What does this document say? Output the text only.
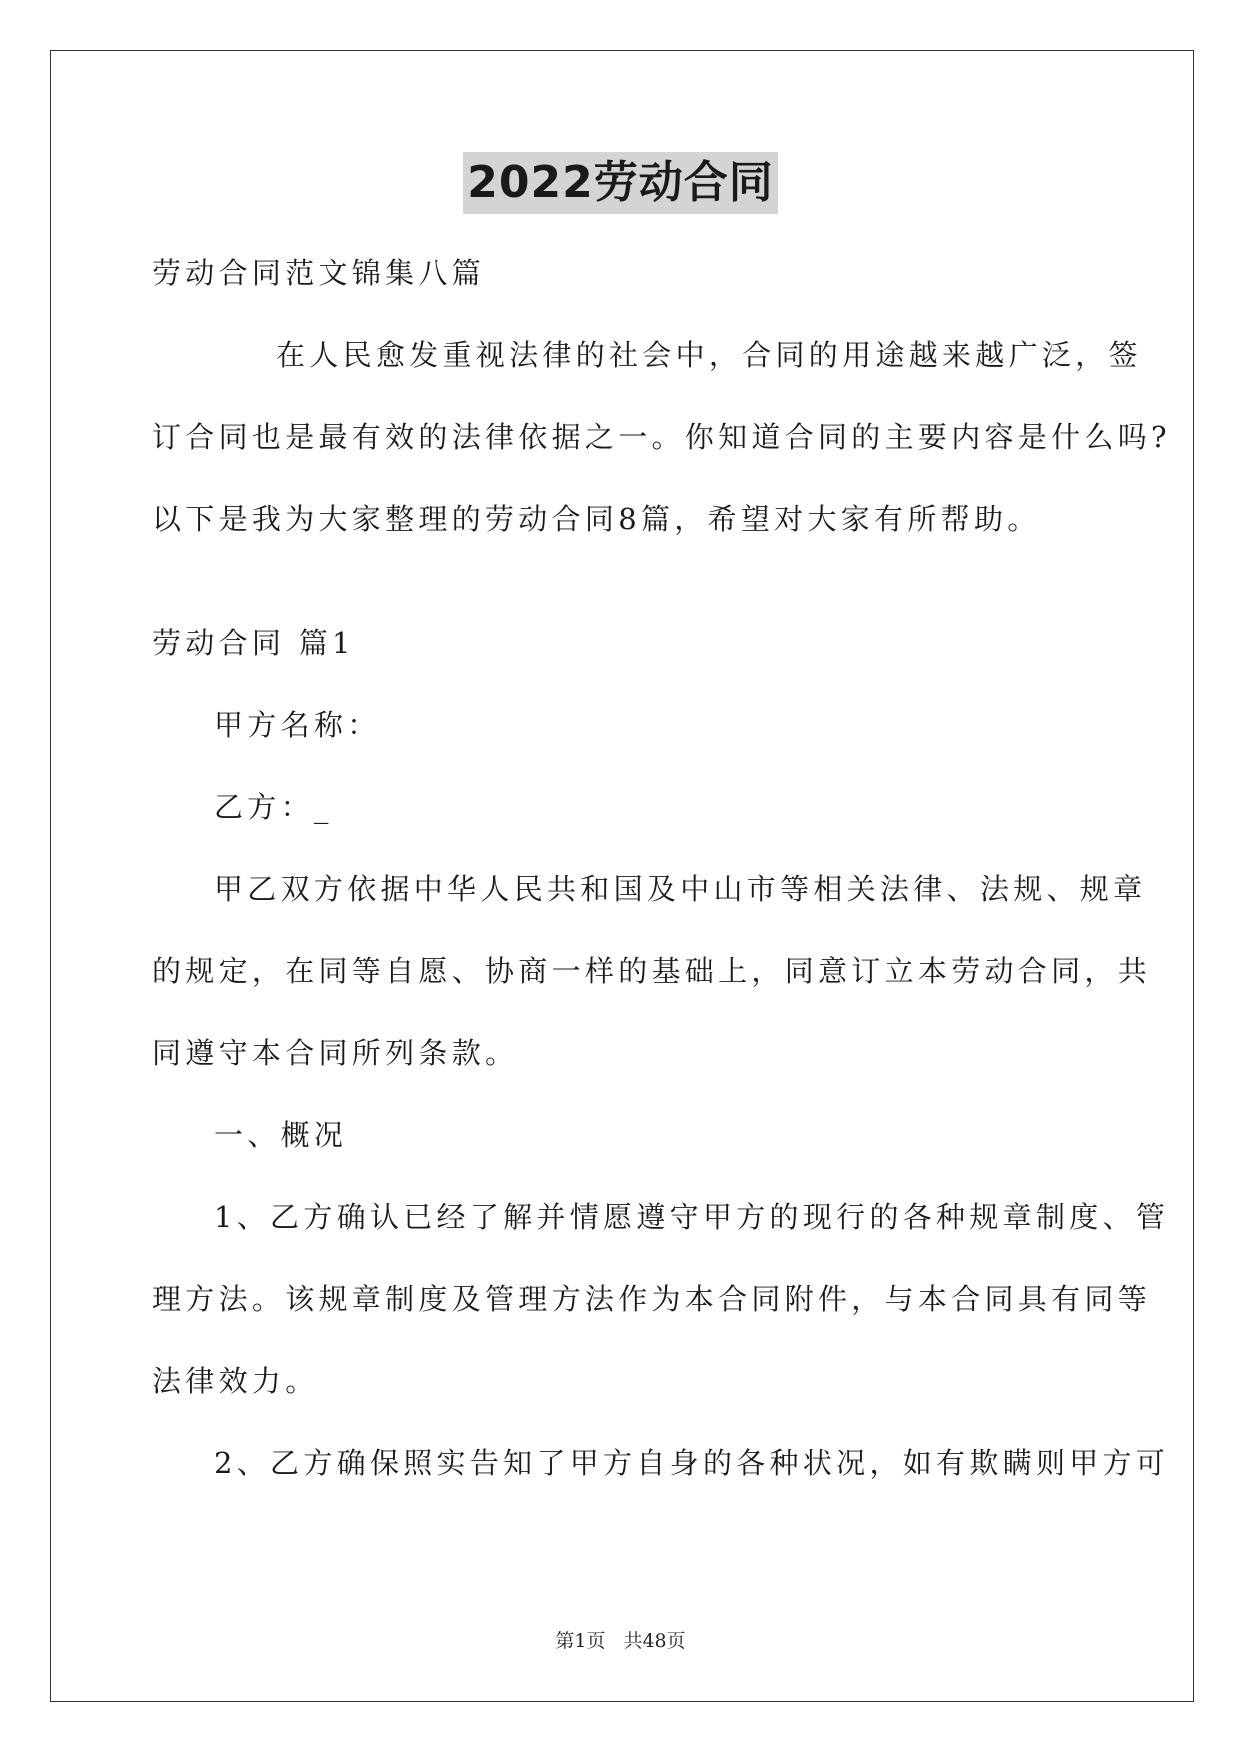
2022劳动合同

劳动合同范文锦集八篇

在人民愈发重视法律的社会中，合同的用途越来越广泛，签

订合同也是最有效的法律依据之一。你知道合同的主要内容是什么吗?

以下是我为大家整理的劳动合同8篇，希望对大家有所帮助。

劳动合同 篇1

甲方名称：

乙方：_

甲乙双方依据中华人民共和国及中山市等相关法律、法规、规章

的规定，在同等自愿、协商一样的基础上，同意订立本劳动合同，共

同遵守本合同所列条款。

一、概况

1、乙方确认已经了解并情愿遵守甲方的现行的各种规章制度、管

理方法。该规章制度及管理方法作为本合同附件，与本合同具有同等

法律效力。

2、乙方确保照实告知了甲方自身的各种状况，如有欺瞒则甲方可

第1页 共48页
